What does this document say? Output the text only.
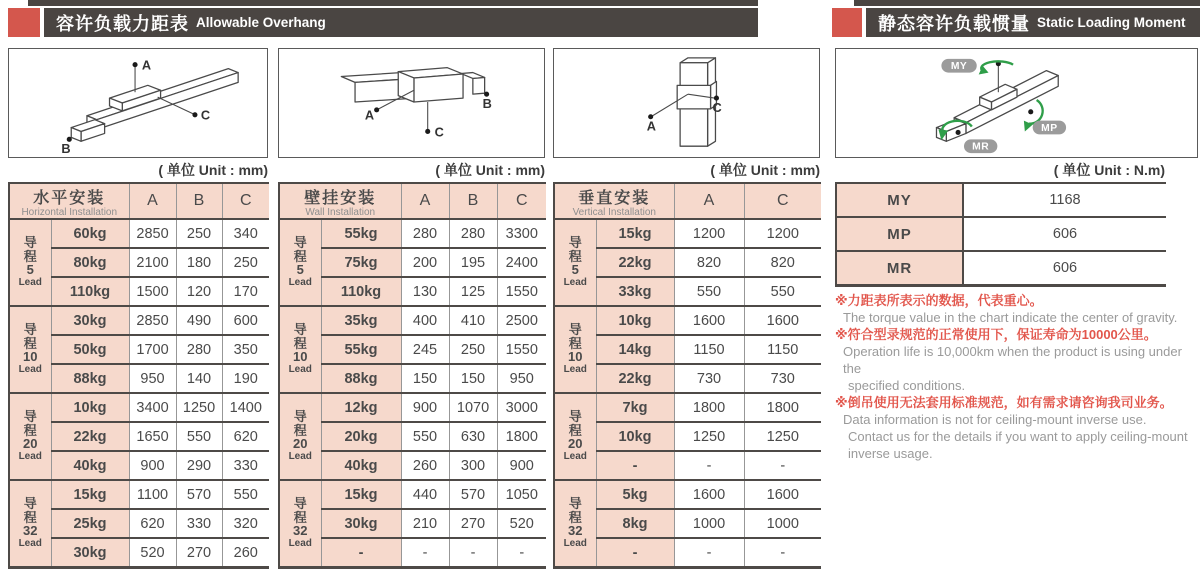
容许负载力距表 Allowable Overhang	静态容许负载惯量 Static Loading Moment
A
C
B
A
C
B
A
C
MY
MP
MR
( 单位 Unit : mm)	( 单位 Unit : mm)	( 单位 Unit : mm)	( 单位 Unit : N.m)
水平安装
Horizontal Installation		A	B	C

导
程
5
Lead	60kg	2850	250	340
	80kg	2100	180	250
	110kg	1500	120	170

导
程
10
Lead	30kg	2850	490	600
	50kg	1700	280	350
	88kg	950	140	190

导
程
20
Lead	10kg	3400	1250	1400
	22kg	1650	550	620
	40kg	900	290	330

导
程
32
Lead	15kg	1100	570	550
	25kg	620	330	320
	30kg	520	270	260
壁挂安装
Wall Installation		A	B	C

导
程
5
Lead	55kg	280	280	3300
	75kg	200	195	2400
	110kg	130	125	1550

导
程
10
Lead	35kg	400	410	2500
	55kg	245	250	1550
	88kg	150	150	950

导
程
20
Lead	12kg	900	1070	3000
	20kg	550	630	1800
	40kg	260	300	900

导
程
32
Lead	15kg	440	570	1050
	30kg	210	270	520
	-	-	-	-
垂直安装
Vertical Installation		A	C

导
程
5
Lead	15kg	1200	1200
	22kg	820	820
	33kg	550	550

导
程
10
Lead	10kg	1600	1600
	14kg	1150	1150
	22kg	730	730

导
程
20
Lead	7kg	1800	1800
	10kg	1250	1250
	-	-	-

导
程
32
Lead	5kg	1600	1600
	8kg	1000	1000
	-	-	-
MY	1168
MP	606
MR	606
※力距表所表示的数据，代表重心。
The torque value in the chart indicate the center of gravity.
※符合型录规范的正常使用下，保证寿命为10000公里。
Operation life is 10,000km when the product is using under the
specified conditions.
※倒吊使用无法套用标准规范，如有需求请咨询我司业务。
Data information is not for ceiling-mount inverse use.
Contact us for the details if you want to apply ceiling-mount
inverse usage.
